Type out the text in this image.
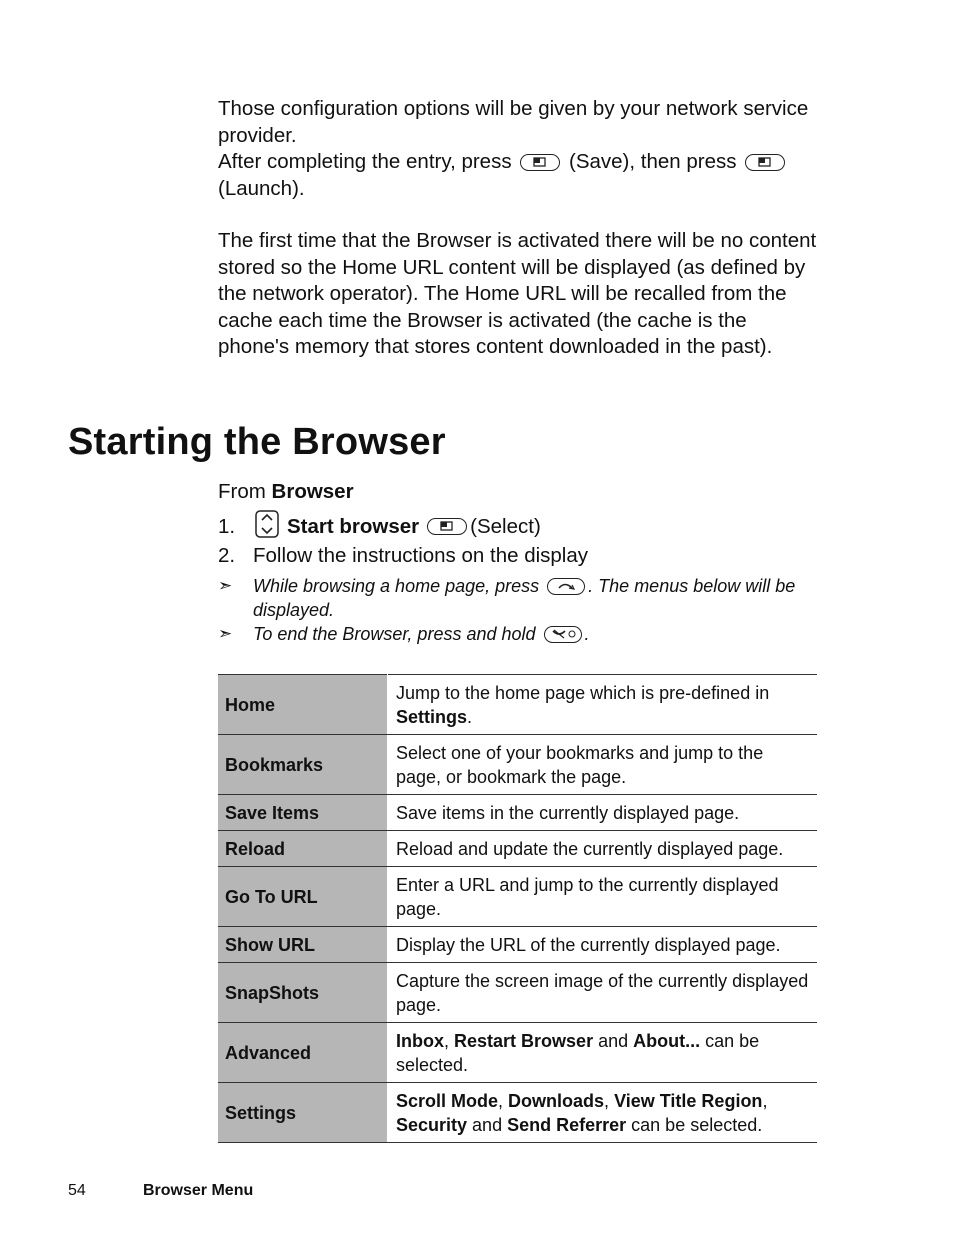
Those configuration options will be given by your network service provider.

After completing the entry, press	(Save), then press
(Launch).

The first time that the Browser is activated there will be no content stored so the Home URL content will be displayed (as defined by the network operator). The Home URL will be recalled from the cache each time the Browser is activated (the cache is the phone's memory that stores content downloaded in the past).

Starting the Browser
From Browser
1.	Start browser (Select)
2. Follow the instructions on the display
➣ While browsing a home page, press	. The menus below will be displayed.
➣ To end the Browser, press and hold	.
Home	Jump to the home page which is pre-defined in Settings.
Bookmarks	Select one of your bookmarks and jump to the page, or bookmark the page.
Save Items	Save items in the currently displayed page.
Reload	Reload and update the currently displayed page.
Go To URL	Enter a URL and jump to the currently displayed page.
Show URL	Display the URL of the currently displayed page.
SnapShots	Capture the screen image of the currently displayed page.
Advanced	Inbox, Restart Browser and About... can be selected.
Settings	Scroll Mode, Downloads, View Title Region, Security and Send Referrer can be selected.
54	Browser Menu
